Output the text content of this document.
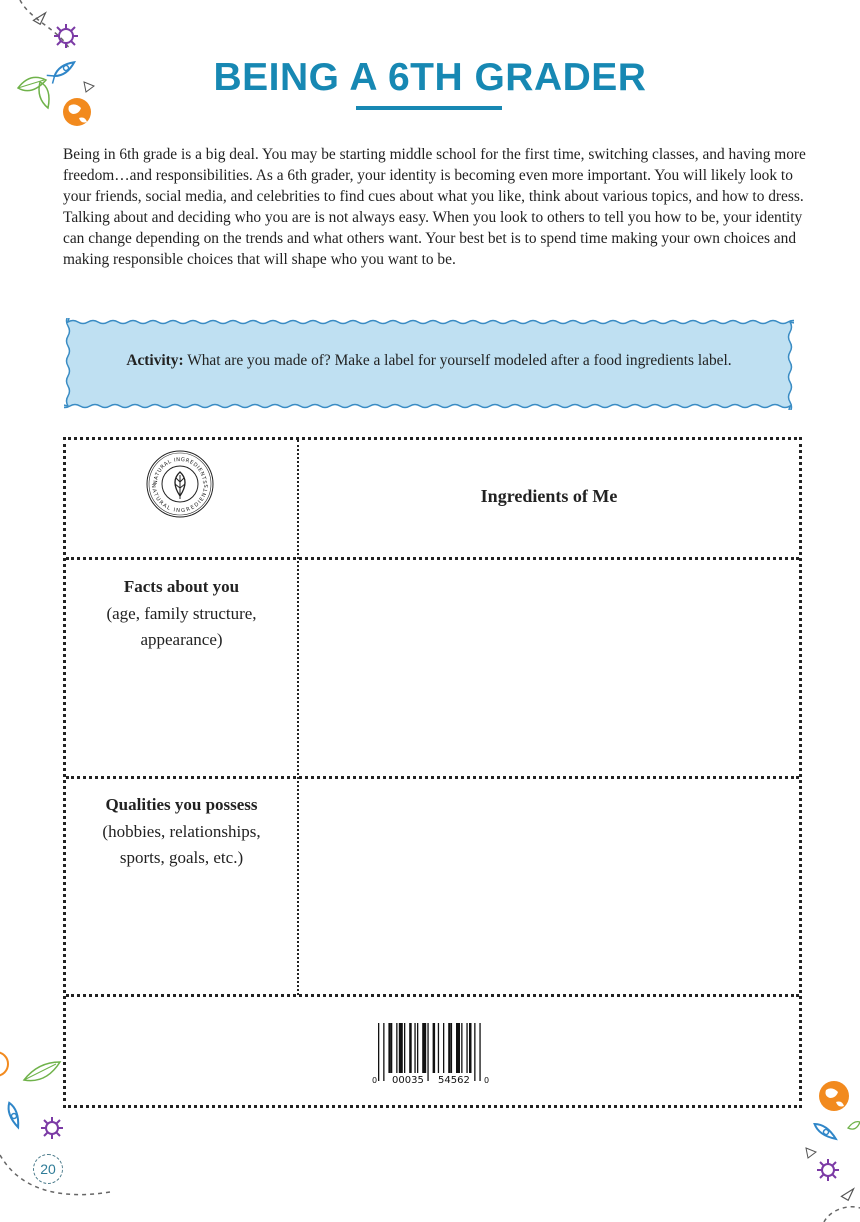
BEING A 6TH GRADER

Being in 6th grade is a big deal. You may be starting middle school for the first time, switching classes, and having more freedom…and responsibilities. As a 6th grader, your identity is becoming even more important. You will likely look to your friends, social media, and celebrities to find cues about what you like, think about various topics, and how to dress. Talking about and deciding who you are is not always easy. When you look to others to tell you how to be, your identity can change depending on the trends and what others want. Your best bet is to spend time making your own choices and making responsible choices that will shape who you want to be.

Activity: What are you made of? Make a label for yourself modeled after a food ingredients label.
NATURAL INGREDIENTS
NATURAL INGREDIENTS
Ingredients of Me
Facts about you
(age, family structure, appearance)
Qualities you possess
(hobbies, relationships, sports, goals, etc.)
0 00035 54562 0
20
